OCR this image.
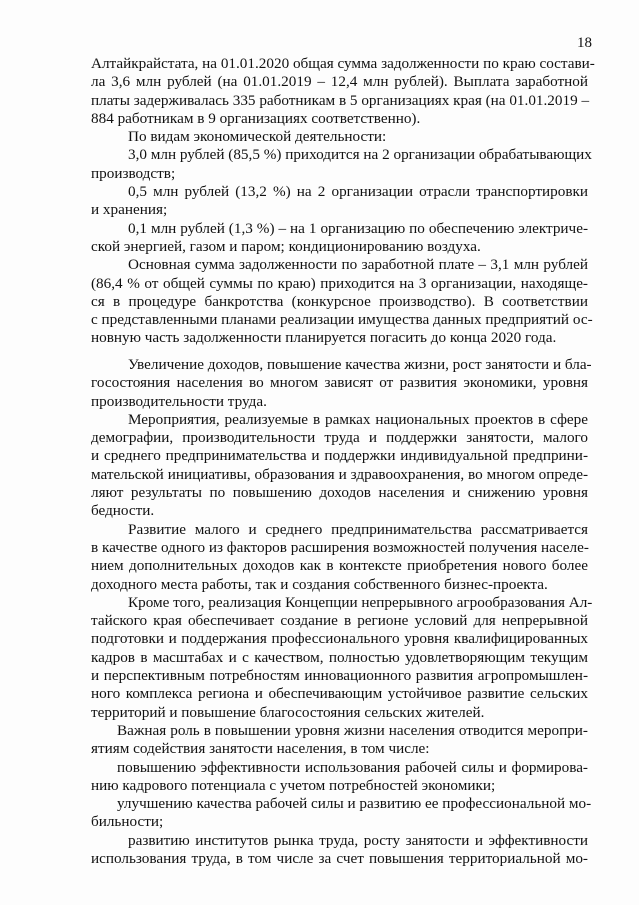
18
Алтайкрайстата, на 01.01.2020 общая сумма задолженности по краю состави-
ла 3,6 млн рублей (на 01.01.2019 – 12,4 млн рублей). Выплата заработной
платы задерживалась 335 работникам в 5 организациях края (на 01.01.2019 –
884 работникам в 9 организациях соответственно).
По видам экономической деятельности:
3,0 млн рублей (85,5 %) приходится на 2 организации обрабатывающих
производств;
0,5 млн рублей (13,2 %) на 2 организации отрасли транспортировки
и хранения;
0,1 млн рублей (1,3 %) – на 1 организацию по обеспечению электриче-
ской энергией, газом и паром; кондиционированию воздуха.
Основная сумма задолженности по заработной плате – 3,1 млн рублей
(86,4 % от общей суммы по краю) приходится на 3 организации, находяще-
ся в процедуре банкротства (конкурсное производство). В соответствии
с представленными планами реализации имущества данных предприятий ос-
новную часть задолженности планируется погасить до конца 2020 года.
Увеличение доходов, повышение качества жизни, рост занятости и бла-
госостояния населения во многом зависят от развития экономики, уровня
производительности труда.
Мероприятия, реализуемые в рамках национальных проектов в сфере
демографии, производительности труда и поддержки занятости, малого
и среднего предпринимательства и поддержки индивидуальной предприни-
мательской инициативы, образования и здравоохранения, во многом опреде-
ляют результаты по повышению доходов населения и снижению уровня
бедности.
Развитие малого и среднего предпринимательства рассматривается
в качестве одного из факторов расширения возможностей получения населе-
нием дополнительных доходов как в контексте приобретения нового более
доходного места работы, так и создания собственного бизнес-проекта.
Кроме того, реализация Концепции непрерывного агрообразования Ал-
тайского края обеспечивает создание в регионе условий для непрерывной
подготовки и поддержания профессионального уровня квалифицированных
кадров в масштабах и с качеством, полностью удовлетворяющим текущим
и перспективным потребностям инновационного развития агропромышлен-
ного комплекса региона и обеспечивающим устойчивое развитие сельских
территорий и повышение благосостояния сельских жителей.
Важная роль в повышении уровня жизни населения отводится меропри-
ятиям содействия занятости населения, в том числе:
повышению эффективности использования рабочей силы и формирова-
нию кадрового потенциала с учетом потребностей экономики;
улучшению качества рабочей силы и развитию ее профессиональной мо-
бильности;
развитию институтов рынка труда, росту занятости и эффективности
использования труда, в том числе за счет повышения территориальной мо-
